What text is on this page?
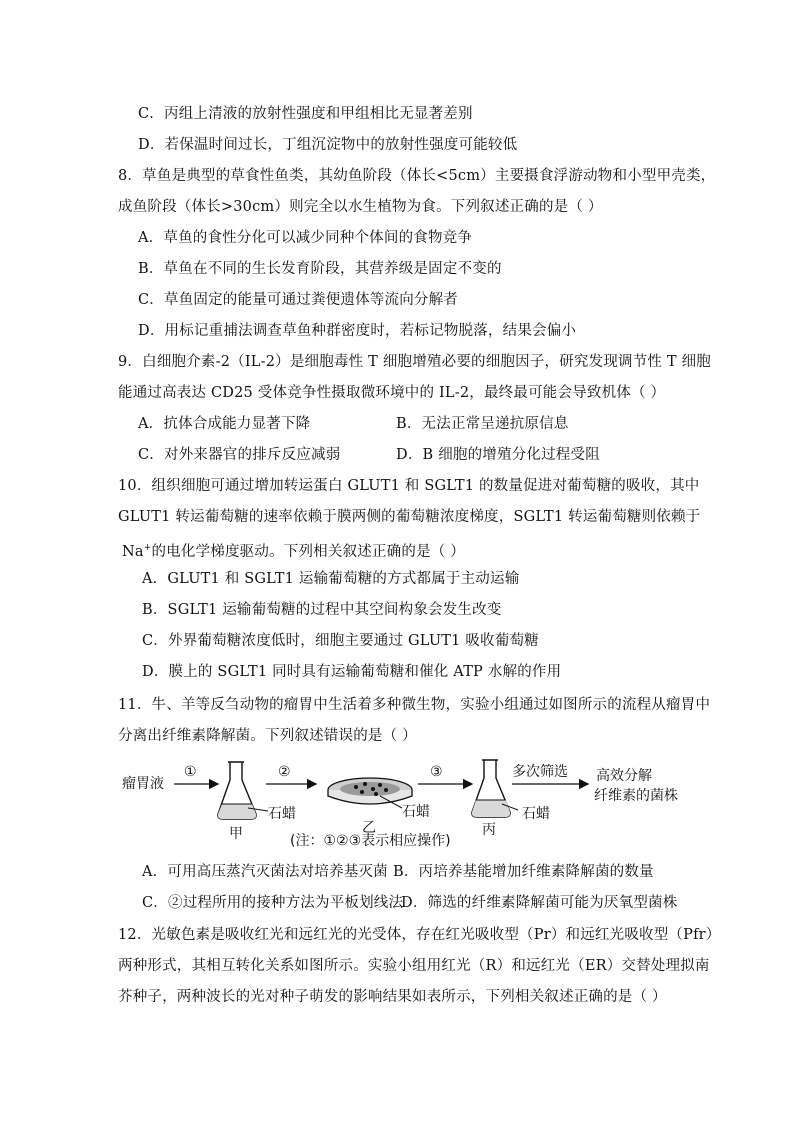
C．丙组上清液的放射性强度和甲组相比无显著差别
D．若保温时间过长，丁组沉淀物中的放射性强度可能较低
8．草鱼是典型的草食性鱼类，其幼鱼阶段（体长<5cm）主要摄食浮游动物和小型甲壳类，
成鱼阶段（体长>30cm）则完全以水生植物为食。下列叙述正确的是（ ）
A．草鱼的食性分化可以减少同种个体间的食物竞争
B．草鱼在不同的生长发育阶段，其营养级是固定不变的
C．草鱼固定的能量可通过粪便遗体等流向分解者
D．用标记重捕法调查草鱼种群密度时，若标记物脱落，结果会偏小
9．白细胞介素-2（IL-2）是细胞毒性 T 细胞增殖必要的细胞因子，研究发现调节性 T 细胞
能通过高表达 CD25 受体竞争性摄取微环境中的 IL-2，最终最可能会导致机体（ ）
A．抗体合成能力显著下降	B．无法正常呈递抗原信息
C．对外来器官的排斥反应减弱	D．B 细胞的增殖分化过程受阻
10．组织细胞可通过增加转运蛋白 GLUT1 和 SGLT1 的数量促进对葡萄糖的吸收，其中
GLUT1 转运葡萄糖的速率依赖于膜两侧的葡萄糖浓度梯度，SGLT1 转运葡萄糖则依赖于
Na+的电化学梯度驱动。下列相关叙述正确的是（ ）
A．GLUT1 和 SGLT1 运输葡萄糖的方式都属于主动运输
B．SGLT1 运输葡萄糖的过程中其空间构象会发生改变
C．外界葡萄糖浓度低时，细胞主要通过 GLUT1 吸收葡萄糖
D．膜上的 SGLT1 同时具有运输葡萄糖和催化 ATP 水解的作用
11．牛、羊等反刍动物的瘤胃中生活着多种微生物，实验小组通过如图所示的流程从瘤胃中
分离出纤维素降解菌。下列叙述错误的是（ ）
瘤胃液
①
石蜡
甲
②
石蜡
乙
③
石蜡
丙
多次筛选 高效分解
纤维素的菌株
(注：①②③表示相应操作)
A．可用高压蒸汽灭菌法对培养基灭菌 B．丙培养基能增加纤维素降解菌的数量
C．②过程所用的接种方法为平板划线法
D．筛选的纤维素降解菌可能为厌氧型菌株
12．光敏色素是吸收红光和远红光的光受体，存在红光吸收型（Pr）和远红光吸收型（Pfr）
两种形式，其相互转化关系如图所示。实验小组用红光（R）和远红光（ER）交替处理拟南
芥种子，两种波长的光对种子萌发的影响结果如表所示，下列相关叙述正确的是（ ）
